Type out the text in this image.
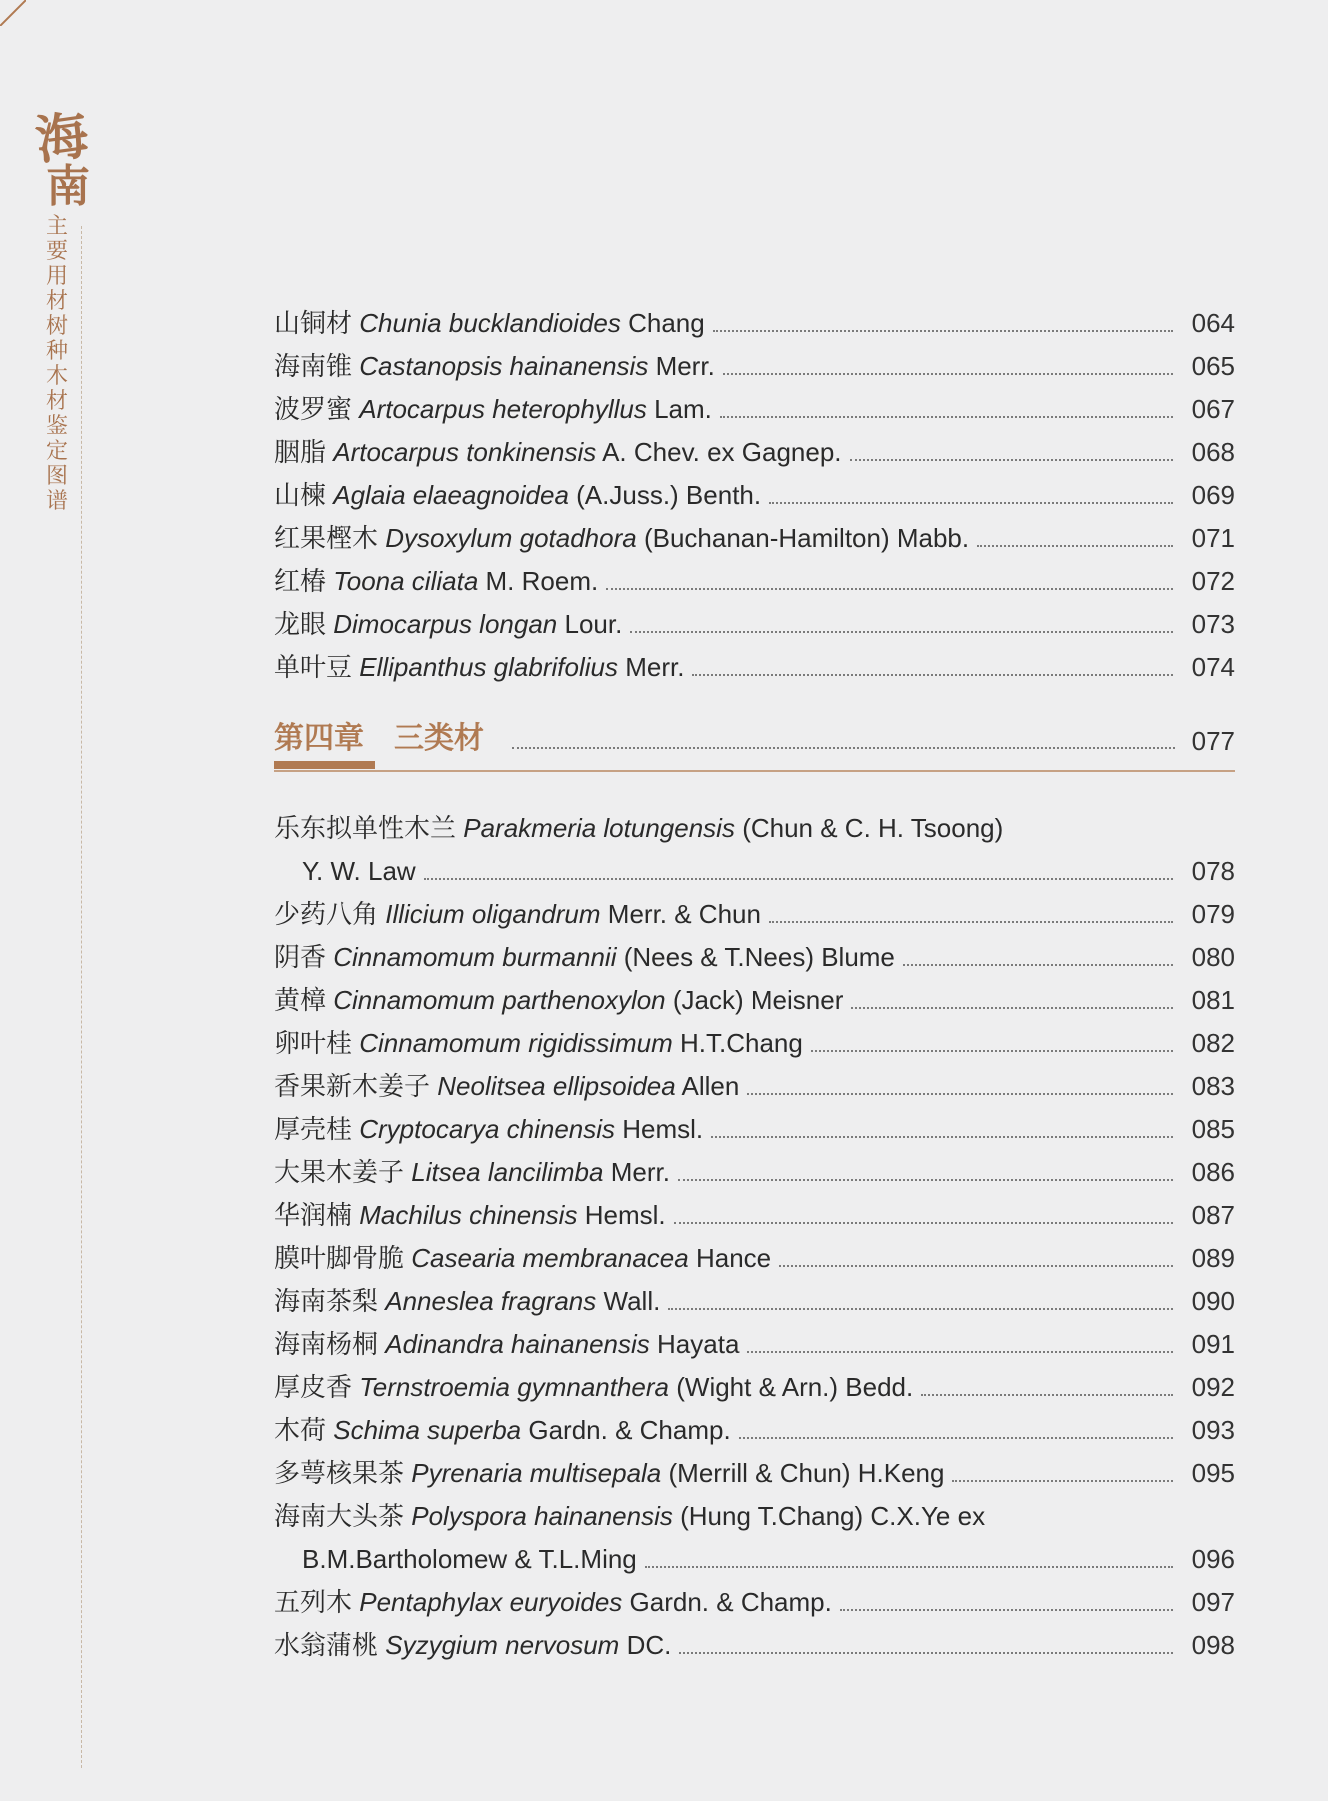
海
南
主
要
用
材
树
种
木
材
鉴
定
图
谱
山铜材 Chunia bucklandioides Chang	064
海南锥 Castanopsis hainanensis Merr.	065
波罗蜜 Artocarpus heterophyllus Lam.	067
胭脂 Artocarpus tonkinensis A. Chev. ex Gagnep.	068
山楝 Aglaia elaeagnoidea (A.Juss.) Benth.	069
红果樫木 Dysoxylum gotadhora (Buchanan-Hamilton) Mabb.	071
红椿 Toona ciliata M. Roem.	072
龙眼 Dimocarpus longan Lour.	073
单叶豆 Ellipanthus glabrifolius Merr.	074
第四章 三类材	077
乐东拟单性木兰 Parakmeria lotungensis (Chun & C. H. Tsoong)
Y. W. Law	078
少药八角 Illicium oligandrum Merr. & Chun	079
阴香 Cinnamomum burmannii (Nees & T.Nees) Blume	080
黄樟 Cinnamomum parthenoxylon (Jack) Meisner	081
卵叶桂 Cinnamomum rigidissimum H.T.Chang	082
香果新木姜子 Neolitsea ellipsoidea Allen	083
厚壳桂 Cryptocarya chinensis Hemsl.	085
大果木姜子 Litsea lancilimba Merr.	086
华润楠 Machilus chinensis Hemsl.	087
膜叶脚骨脆 Casearia membranacea Hance	089
海南茶梨 Anneslea fragrans Wall.	090
海南杨桐 Adinandra hainanensis Hayata	091
厚皮香 Ternstroemia gymnanthera (Wight & Arn.) Bedd.	092
木荷 Schima superba Gardn. & Champ.	093
多萼核果茶 Pyrenaria multisepala (Merrill & Chun) H.Keng	095
海南大头茶 Polyspora hainanensis (Hung T.Chang) C.X.Ye ex
B.M.Bartholomew & T.L.Ming	096
五列木 Pentaphylax euryoides Gardn. & Champ.	097
水翁蒲桃 Syzygium nervosum DC.	098
